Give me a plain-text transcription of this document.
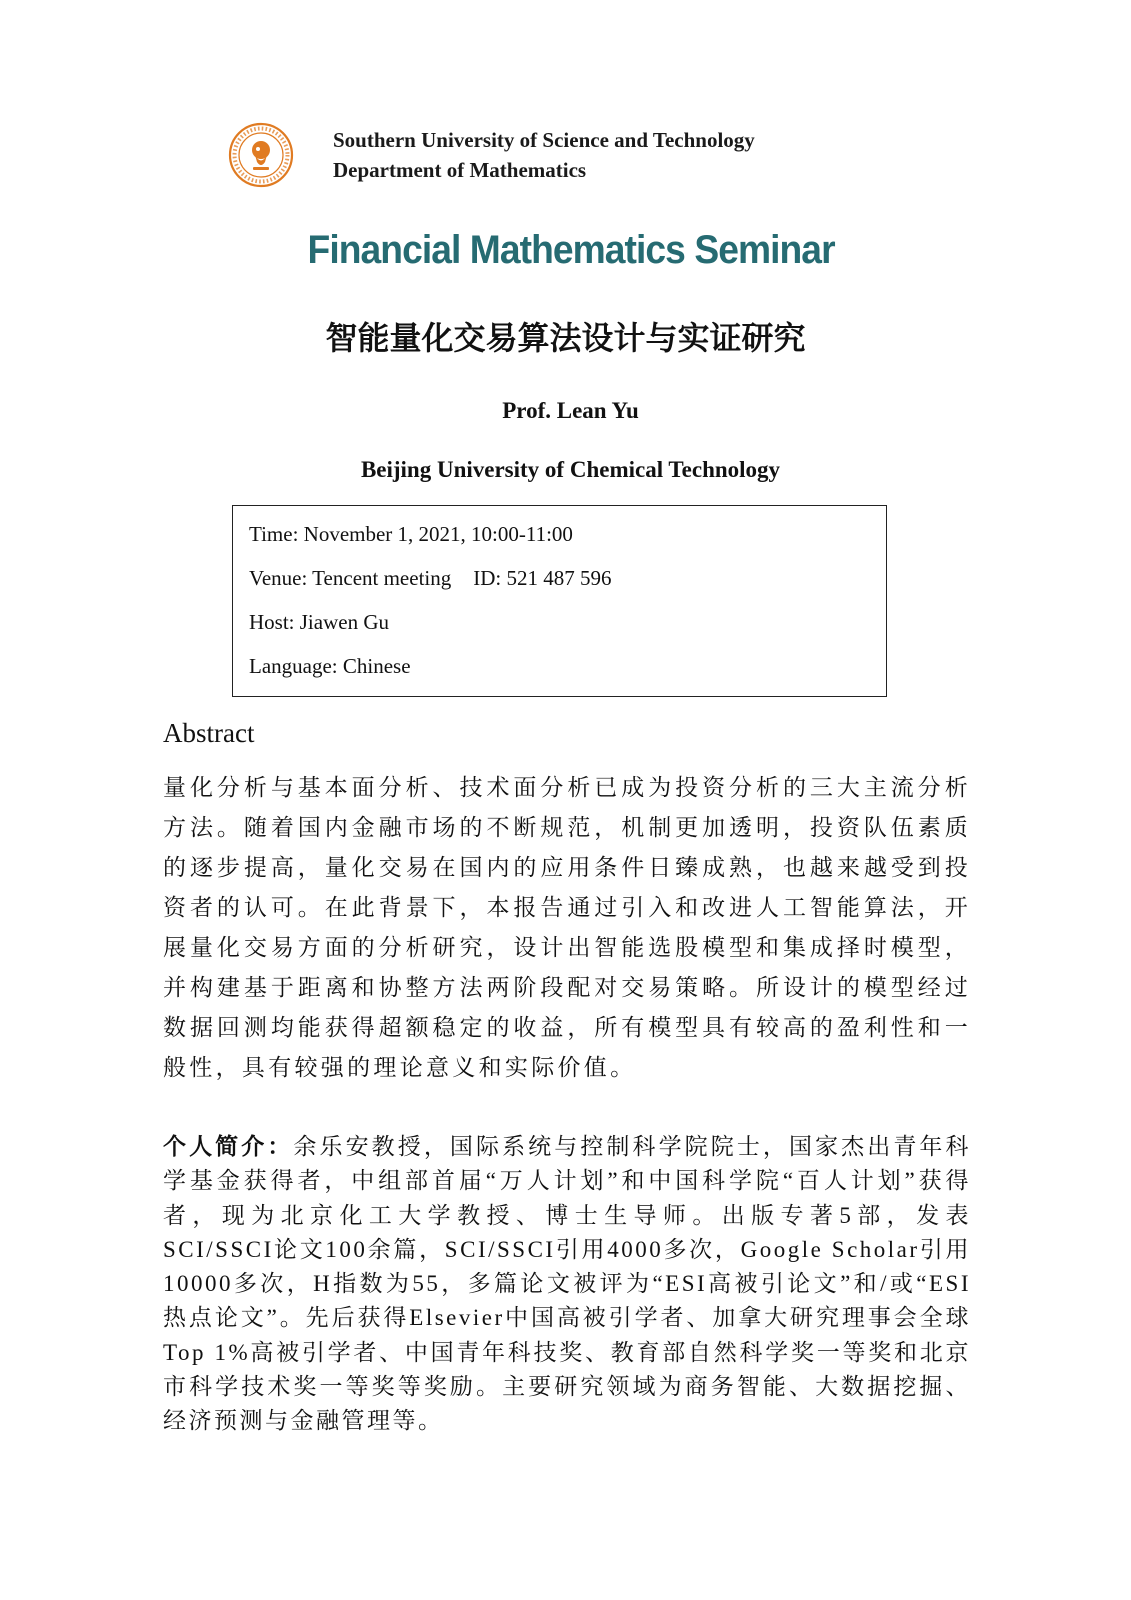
Southern University of Science and Technology
Department of Mathematics
Financial Mathematics Seminar
智能量化交易算法设计与实证研究
Prof. Lean Yu
Beijing University of Chemical Technology
Time: November 1, 2021, 10:00-11:00
Venue: Tencent meeting ID: 521 487 596
Host: Jiawen Gu
Language: Chinese
Abstract
量化分析与基本面分析、技术面分析已成为投资分析的三大主流分析方法。随着国内金融市场的不断规范，机制更加透明，投资队伍素质的逐步提高，量化交易在国内的应用条件日臻成熟，也越来越受到投资者的认可。在此背景下，本报告通过引入和改进人工智能算法，开展量化交易方面的分析研究，设计出智能选股模型和集成择时模型，并构建基于距离和协整方法两阶段配对交易策略。所设计的模型经过数据回测均能获得超额稳定的收益，所有模型具有较高的盈利性和一般性，具有较强的理论意义和实际价值。
个人简介：余乐安教授，国际系统与控制科学院院士，国家杰出青年科学基金获得者，中组部首届“万人计划”和中国科学院“百人计划”获得者，现为北京化工大学教授、博士生导师。出版专著5部，发表SCI/SSCI论文100余篇，SCI/SSCI引用4000多次，Google Scholar引用10000多次，H指数为55，多篇论文被评为“ESI高被引论文”和/或“ESI热点论文”。先后获得Elsevier中国高被引学者、加拿大研究理事会全球Top 1%高被引学者、中国青年科技奖、教育部自然科学奖一等奖和北京市科学技术奖一等奖等奖励。主要研究领域为商务智能、大数据挖掘、经济预测与金融管理等。
